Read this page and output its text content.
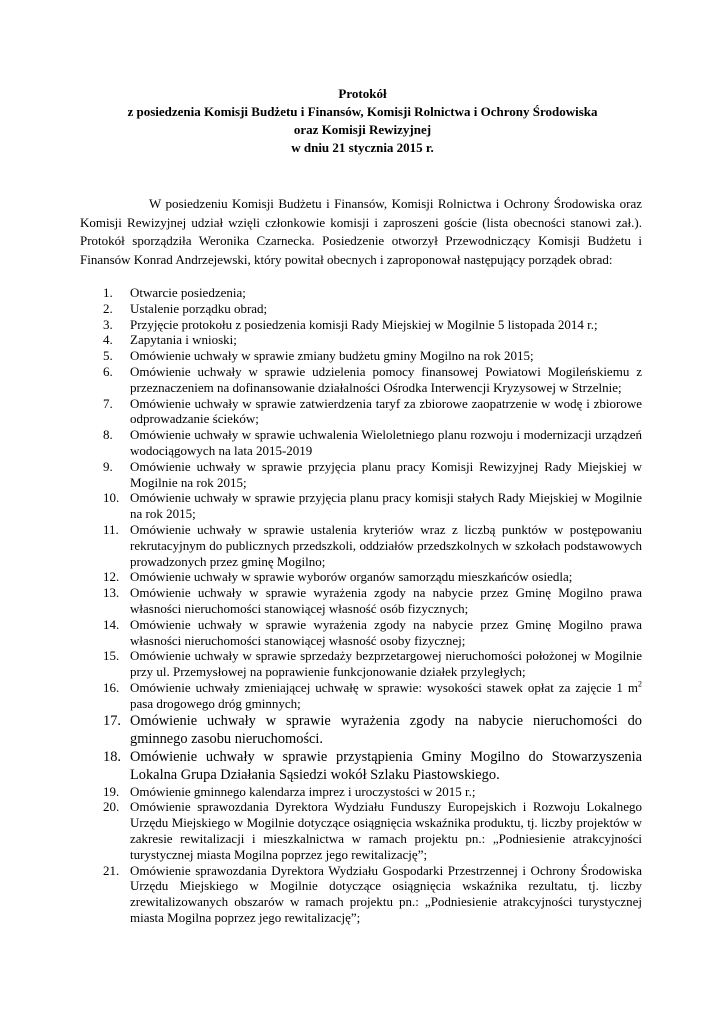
Protokół
z posiedzenia Komisji Budżetu i Finansów, Komisji Rolnictwa i Ochrony Środowiska
oraz Komisji Rewizyjnej
w dniu 21 stycznia 2015 r.

W posiedzeniu Komisji Budżetu i Finansów, Komisji Rolnictwa i Ochrony Środowiska oraz Komisji Rewizyjnej udział wzięli członkowie komisji i zaproszeni goście (lista obecności stanowi zał.). Protokół sporządziła Weronika Czarnecka. Posiedzenie otworzył Przewodniczący Komisji Budżetu i Finansów Konrad Andrzejewski, który powitał obecnych i zaproponował następujący porządek obrad:

1.	Otwarcie posiedzenia;
2.	Ustalenie porządku obrad;
3.	Przyjęcie protokołu z posiedzenia komisji Rady Miejskiej w Mogilnie 5 listopada 2014 r.;
4.	Zapytania i wnioski;
5.	Omówienie uchwały w sprawie zmiany budżetu gminy Mogilno na rok 2015;
6.	Omówienie uchwały w sprawie udzielenia pomocy finansowej Powiatowi Mogileńskiemu z przeznaczeniem na dofinansowanie działalności Ośrodka Interwencji Kryzysowej w Strzelnie;
7.	Omówienie uchwały w sprawie zatwierdzenia taryf za zbiorowe zaopatrzenie w wodę i zbiorowe odprowadzanie ścieków;
8.	Omówienie uchwały w sprawie uchwalenia Wieloletniego planu rozwoju i modernizacji urządzeń wodociągowych na lata 2015-2019
9.	Omówienie uchwały w sprawie przyjęcia planu pracy Komisji Rewizyjnej Rady Miejskiej w Mogilnie na rok 2015;
10. Omówienie uchwały w sprawie przyjęcia planu pracy komisji stałych Rady Miejskiej w Mogilnie na rok 2015;
11. Omówienie uchwały w sprawie ustalenia kryteriów wraz z liczbą punktów w postępowaniu rekrutacyjnym do publicznych przedszkoli, oddziałów przedszkolnych w szkołach podstawowych prowadzonych przez gminę Mogilno;
12. Omówienie uchwały w sprawie wyborów organów samorządu mieszkańców osiedla;
13. Omówienie uchwały w sprawie wyrażenia zgody na nabycie przez Gminę Mogilno prawa własności nieruchomości stanowiącej własność osób fizycznych;
14. Omówienie uchwały w sprawie wyrażenia zgody na nabycie przez Gminę Mogilno prawa własności nieruchomości stanowiącej własność osoby fizycznej;
15. Omówienie uchwały w sprawie sprzedaży bezprzetargowej nieruchomości położonej w Mogilnie przy ul. Przemysłowej na poprawienie funkcjonowanie działek przyległych;
16. Omówienie uchwały zmieniającej uchwałę w sprawie: wysokości stawek opłat za zajęcie 1 $m^2$ pasa drogowego dróg gminnych;
17. Omówienie uchwały w sprawie wyrażenia zgody na nabycie nieruchomości do gminnego zasobu nieruchomości.
18. Omówienie uchwały w sprawie przystąpienia Gminy Mogilno do Stowarzyszenia Lokalna Grupa Działania Sąsiedzi wokół Szlaku Piastowskiego.
19. Omówienie gminnego kalendarza imprez i uroczystości w 2015 r.;
20. Omówienie sprawozdania Dyrektora Wydziału Funduszy Europejskich i Rozwoju Lokalnego Urzędu Miejskiego w Mogilnie dotyczące osiągnięcia wskaźnika produktu, tj. liczby projektów w zakresie rewitalizacji i mieszkalnictwa w ramach projektu pn.: „Podniesienie atrakcyjności turystycznej miasta Mogilna poprzez jego rewitalizację”;
21. Omówienie sprawozdania Dyrektora Wydziału Gospodarki Przestrzennej i Ochrony Środowiska Urzędu Miejskiego w Mogilnie dotyczące osiągnięcia wskaźnika rezultatu, tj. liczby zrewitalizowanych obszarów w ramach projektu pn.: „Podniesienie atrakcyjności turystycznej miasta Mogilna poprzez jego rewitalizację”;
